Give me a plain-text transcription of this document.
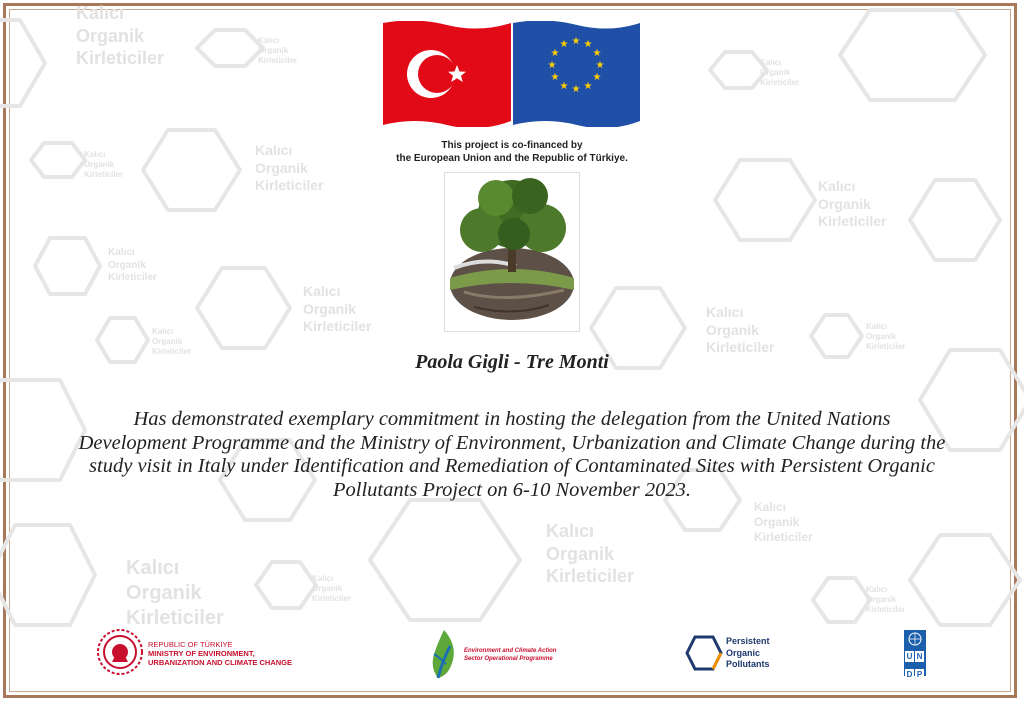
Kalıcı
Organik
Kirleticiler
Kalıcı
Organik
Kirleticiler	Kalıcı
Organik
Kirleticiler
Kalıcı
Organik
Kirleticiler
Kalıcı
Organik
Kirleticiler
Kalıcı
Organik
Kirleticiler
Kalıcı
Organik
Kirleticiler
Kalıcı
Organik
Kirleticiler
Kalıcı
Organik
Kirleticiler
Kalıcı
Organik
Kirleticiler
Kalıcı
Organik
Kirleticiler
Kalıcı
Organik
Kirleticiler
Kalıcı
Organik
Kirleticiler
Kalıcı
Organik
Kirleticiler
Kalıcı
Organik
Kirleticiler
Kalıcı
Organik
Kirleticiler
★ ★
★
★
★
★
★
★
★
★
★
★
This project is co-financed by
the European Union and the Republic of Türkiye.
Paola Gigli - Tre Monti
Has demonstrated exemplary commitment in hosting the delegation from the United Nations
Development Programme and the Ministry of Environment, Urbanization and Climate Change during the
study visit in Italy under Identification and Remediation of Contaminated Sites with Persistent Organic
Pollutants Project on 6-10 November 2023.
REPUBLIC OF TÜRKIYE
MINISTRY OF ENVIRONMENT,
URBANIZATION AND CLIMATE CHANGE
Environment and Climate Action
Sector Operational Programme
Persistent
Organic
Pollutants
U ND P
